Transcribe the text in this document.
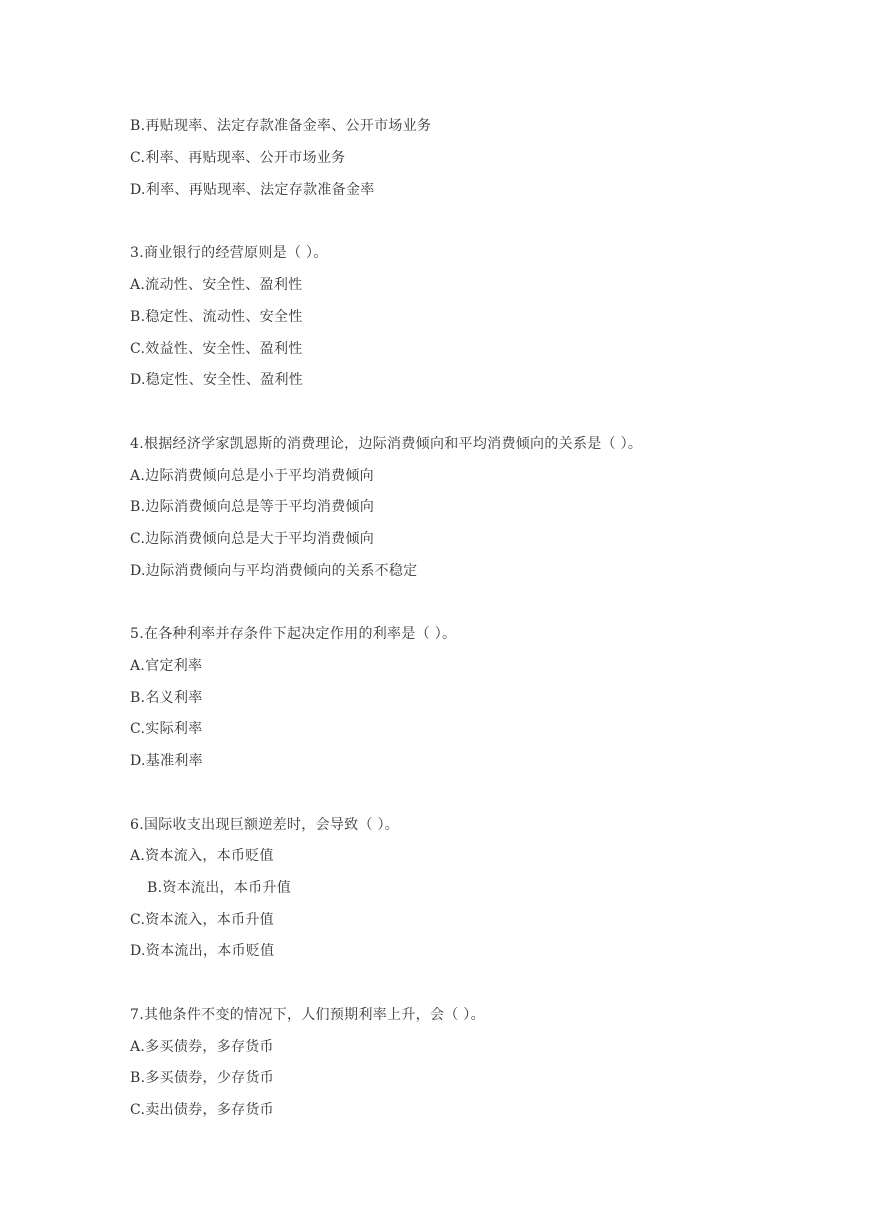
B.再贴现率、法定存款准备金率、公开市场业务
C.利率、再贴现率、公开市场业务
D.利率、再贴现率、法定存款准备金率
3.商业银行的经营原则是（ ）。
A.流动性、安全性、盈利性
B.稳定性、流动性、安全性
C.效益性、安全性、盈利性
D.稳定性、安全性、盈利性
4.根据经济学家凯恩斯的消费理论，边际消费倾向和平均消费倾向的关系是（ ）。
A.边际消费倾向总是小于平均消费倾向
B.边际消费倾向总是等于平均消费倾向
C.边际消费倾向总是大于平均消费倾向
D.边际消费倾向与平均消费倾向的关系不稳定
5.在各种利率并存条件下起决定作用的利率是（ ）。
A.官定利率
B.名义利率
C.实际利率
D.基准利率
6.国际收支出现巨额逆差时，会导致（ ）。
A.资本流入，本币贬值
B.资本流出，本币升值
C.资本流入，本币升值
D.资本流出，本币贬值
7.其他条件不变的情况下，人们预期利率上升，会（ ）。
A.多买债券，多存货币
B.多买债券，少存货币
C.卖出债券，多存货币
